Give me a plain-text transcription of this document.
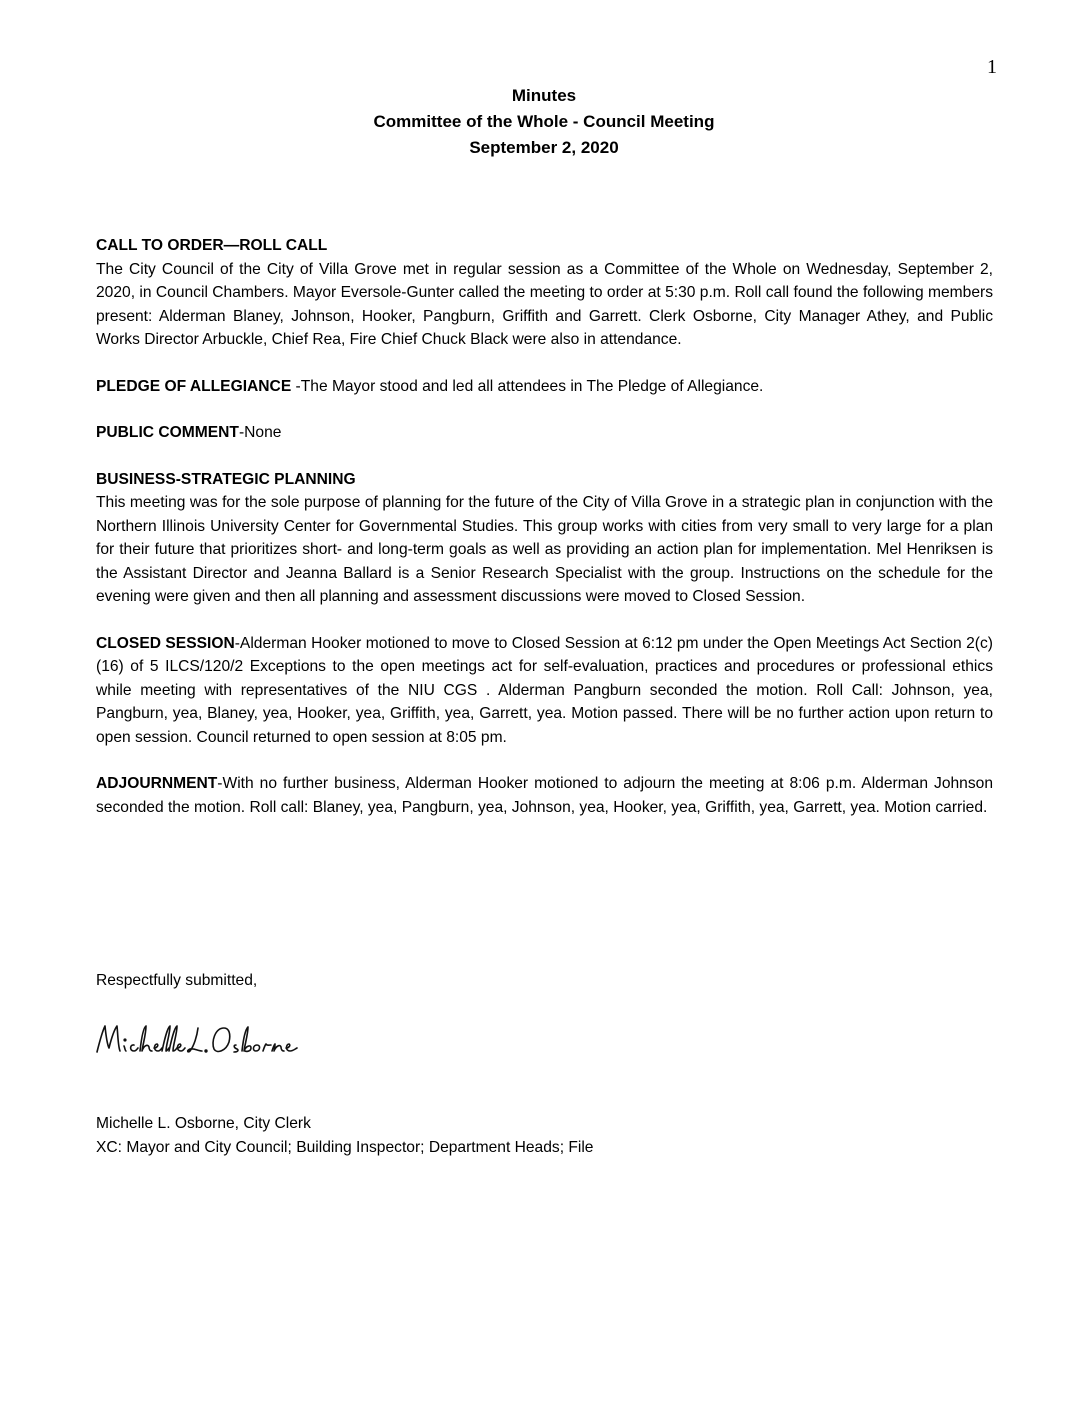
1
Minutes
Committee of the Whole - Council Meeting
September 2, 2020
CALL TO ORDER—ROLL CALL

The City Council of the City of Villa Grove met in regular session as a Committee of the Whole on Wednesday, September 2, 2020, in Council Chambers. Mayor Eversole-Gunter called the meeting to order at 5:30 p.m. Roll call found the following members present: Alderman Blaney, Johnson, Hooker, Pangburn, Griffith and Garrett. Clerk Osborne, City Manager Athey, and Public Works Director Arbuckle, Chief Rea, Fire Chief Chuck Black were also in attendance.

PLEDGE OF ALLEGIANCE -The Mayor stood and led all attendees in The Pledge of Allegiance.

PUBLIC COMMENT-None

BUSINESS-STRATEGIC PLANNING

This meeting was for the sole purpose of planning for the future of the City of Villa Grove in a strategic plan in conjunction with the Northern Illinois University Center for Governmental Studies. This group works with cities from very small to very large for a plan for their future that prioritizes short- and long-term goals as well as providing an action plan for implementation. Mel Henriksen is the Assistant Director and Jeanna Ballard is a Senior Research Specialist with the group. Instructions on the schedule for the evening were given and then all planning and assessment discussions were moved to Closed Session.

CLOSED SESSION-Alderman Hooker motioned to move to Closed Session at 6:12 pm under the Open Meetings Act Section 2(c)(16) of 5 ILCS/120/2 Exceptions to the open meetings act for self-evaluation, practices and procedures or professional ethics while meeting with representatives of the NIU CGS . Alderman Pangburn seconded the motion. Roll Call: Johnson, yea, Pangburn, yea, Blaney, yea, Hooker, yea, Griffith, yea, Garrett, yea. Motion passed. There will be no further action upon return to open session. Council returned to open session at 8:05 pm.

ADJOURNMENT-With no further business, Alderman Hooker motioned to adjourn the meeting at 8:06 p.m. Alderman Johnson seconded the motion. Roll call: Blaney, yea, Pangburn, yea, Johnson, yea, Hooker, yea, Griffith, yea, Garrett, yea. Motion carried.

Respectfully submitted,
Michelle L. Osborne, City Clerk
XC: Mayor and City Council; Building Inspector; Department Heads; File
